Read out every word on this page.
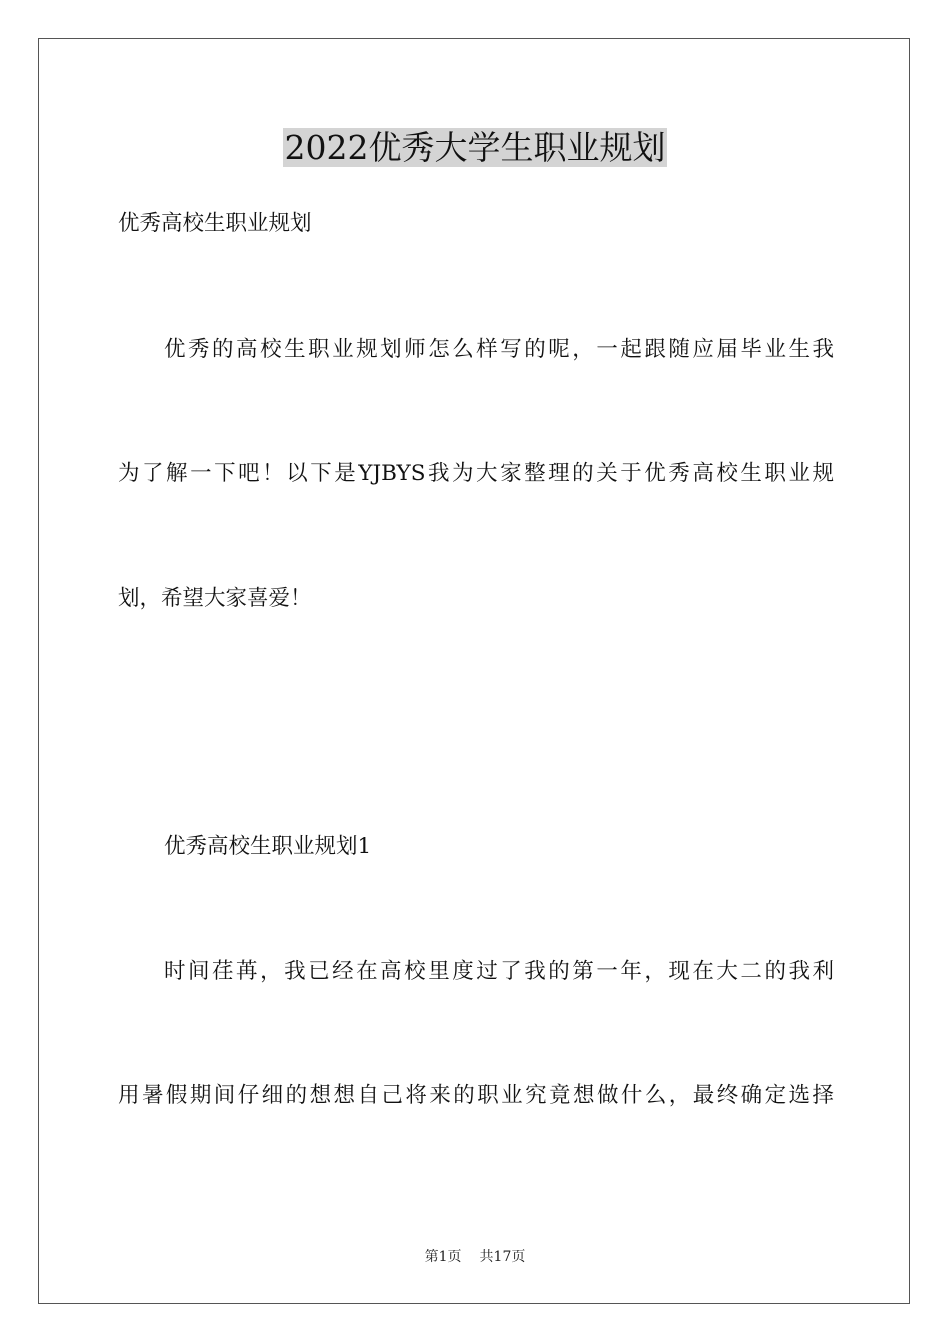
2022优秀大学生职业规划

优秀高校生职业规划

优秀的高校生职业规划师怎么样写的呢，一起跟随应届毕业生我

为了解一下吧！以下是YJBYS我为大家整理的关于优秀高校生职业规

划，希望大家喜爱！

优秀高校生职业规划1

时间荏苒，我已经在高校里度过了我的第一年，现在大二的我利

用暑假期间仔细的想想自己将来的职业究竟想做什么，最终确定选择

第1页 共17页
